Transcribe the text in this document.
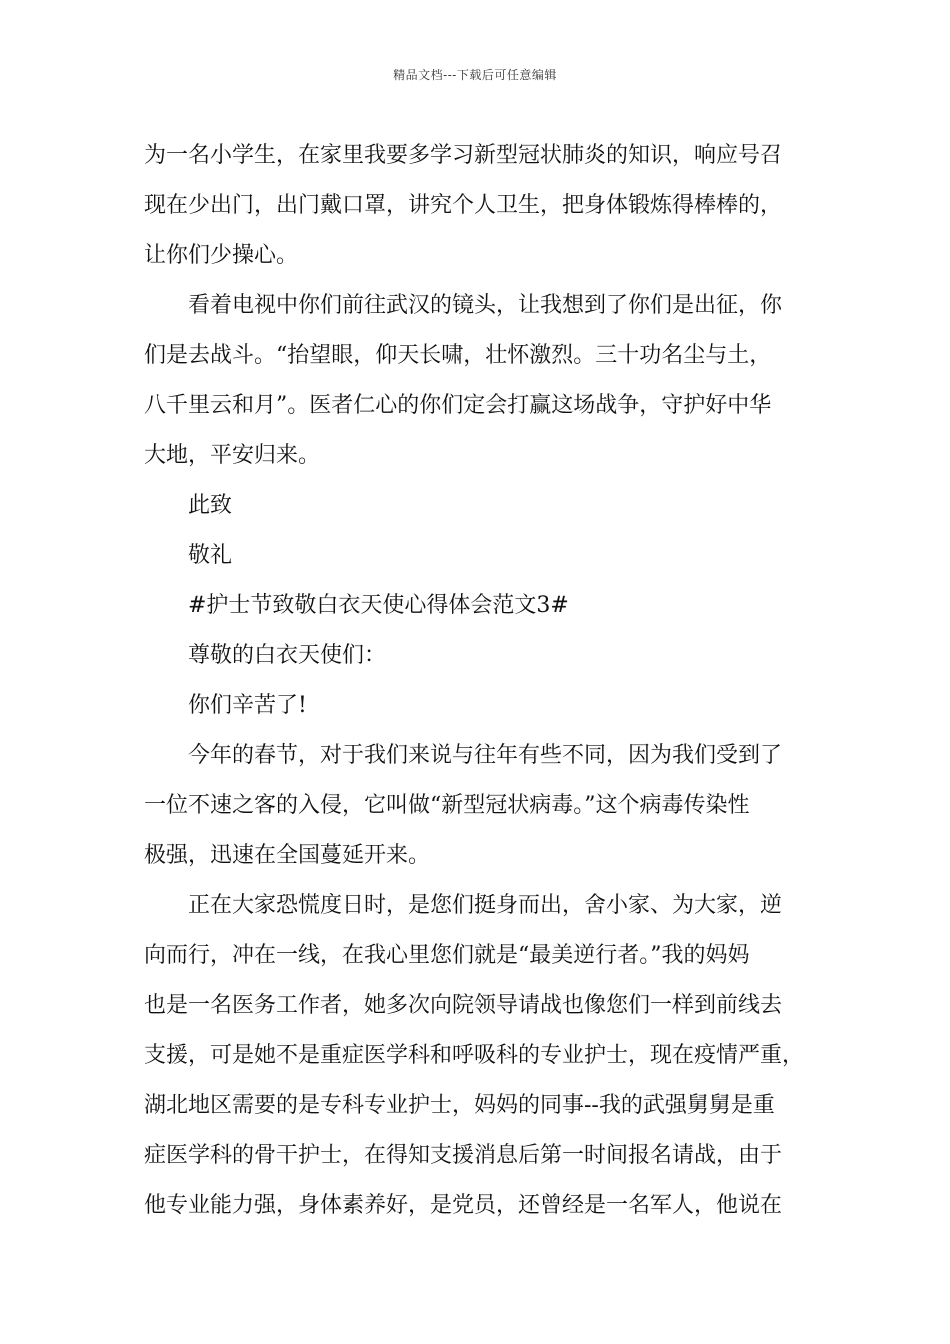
精品文档---下载后可任意编辑
为一名小学生，在家里我要多学习新型冠状肺炎的知识，响应号召
现在少出门，出门戴口罩，讲究个人卫生，把身体锻炼得棒棒的，
让你们少操心。
看着电视中你们前往武汉的镜头，让我想到了你们是出征，你
们是去战斗。“抬望眼，仰天长啸，壮怀激烈。三十功名尘与土，
八千里云和月”。医者仁心的你们定会打赢这场战争，守护好中华
大地，平安归来。
此致
敬礼
#护士节致敬白衣天使心得体会范文3#
尊敬的白衣天使们：
你们辛苦了!
今年的春节，对于我们来说与往年有些不同，因为我们受到了
一位不速之客的入侵，它叫做“新型冠状病毒。”这个病毒传染性
极强，迅速在全国蔓延开来。
正在大家恐慌度日时，是您们挺身而出，舍小家、为大家，逆
向而行，冲在一线，在我心里您们就是“最美逆行者。”我的妈妈
也是一名医务工作者，她多次向院领导请战也像您们一样到前线去
支援，可是她不是重症医学科和呼吸科的专业护士，现在疫情严重，
湖北地区需要的是专科专业护士，妈妈的同事--我的武强舅舅是重
症医学科的骨干护士，在得知支援消息后第一时间报名请战，由于
他专业能力强，身体素养好，是党员，还曾经是一名军人，他说在
